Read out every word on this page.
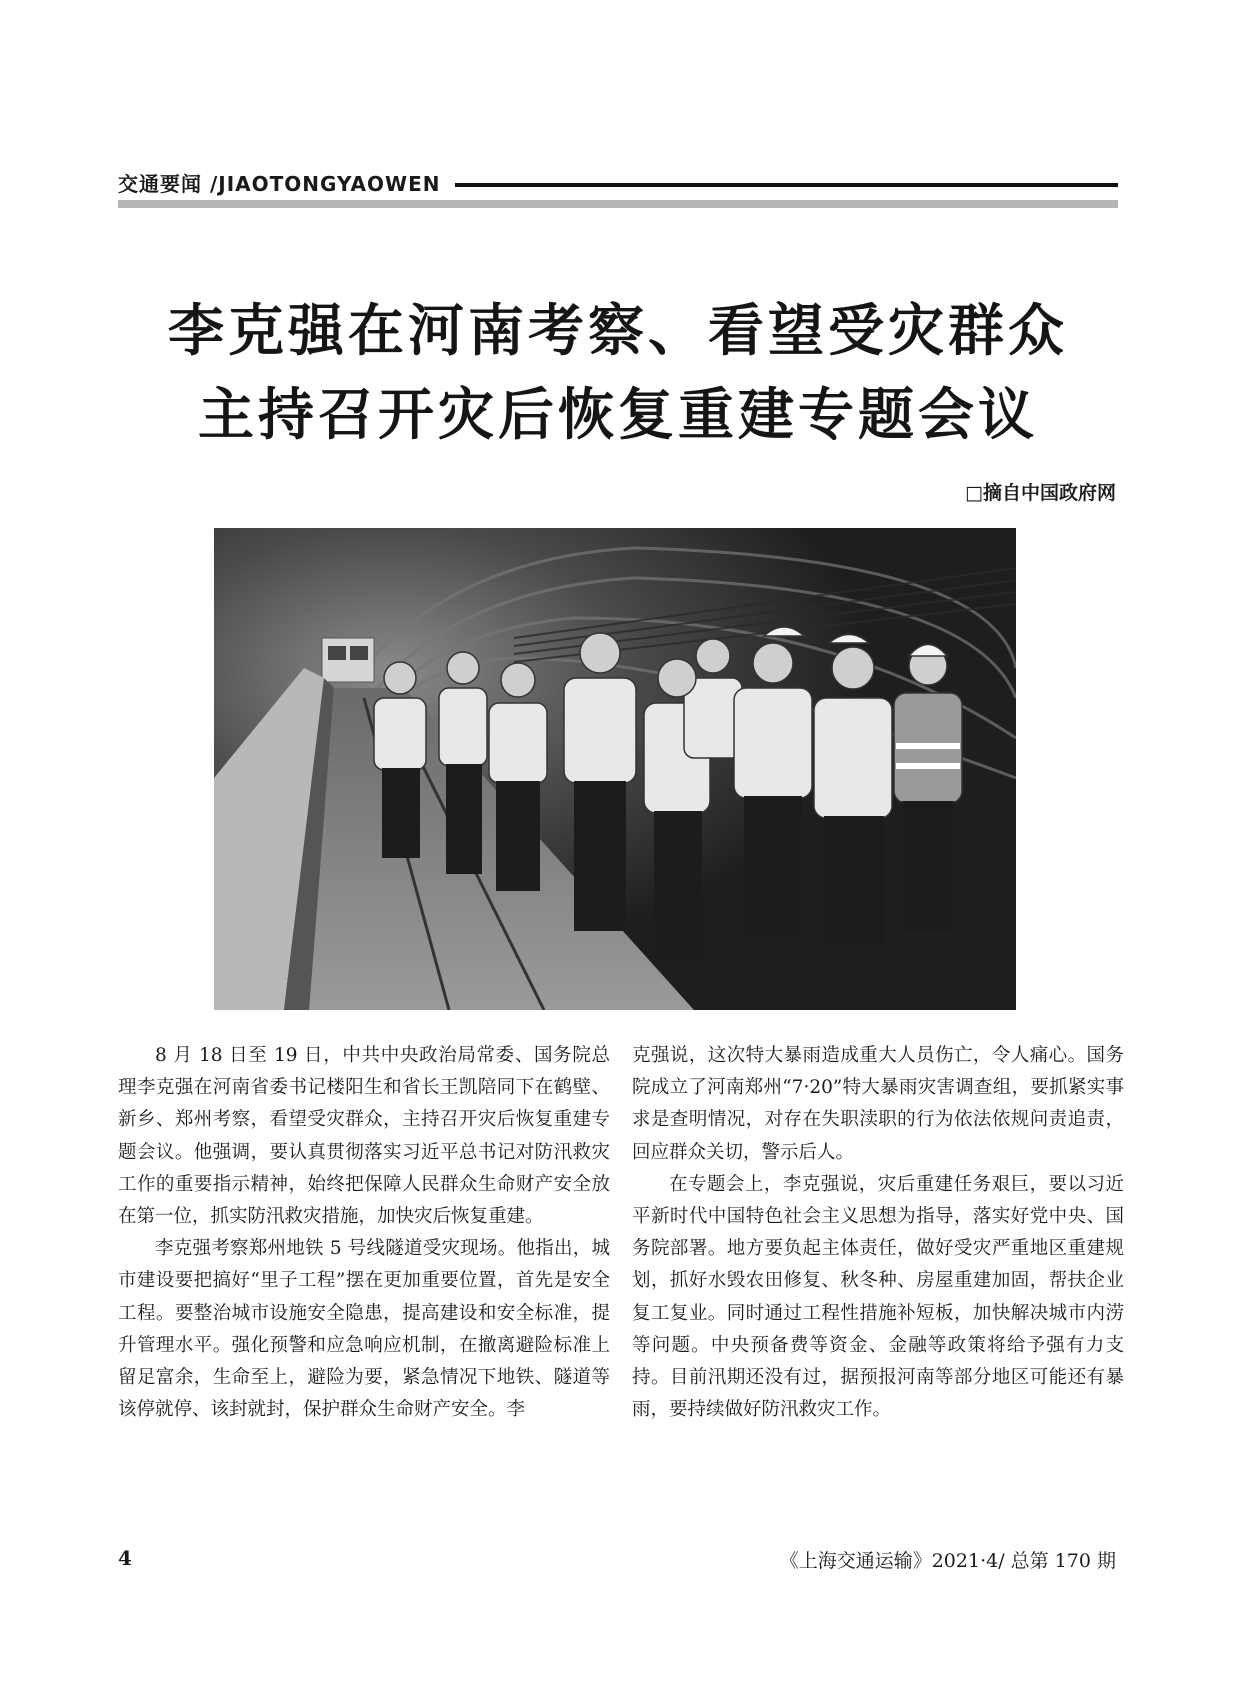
交通要闻 /JIAOTONGYAOWEN
李克强在河南考察、看望受灾群众
主持召开灾后恢复重建专题会议
□摘自中国政府网

8 月 18 日至 19 日，中共中央政治局常委、国务院总理李克强在河南省委书记楼阳生和省长王凯陪同下在鹤壁、新乡、郑州考察，看望受灾群众，主持召开灾后恢复重建专题会议。他强调，要认真贯彻落实习近平总书记对防汛救灾工作的重要指示精神，始终把保障人民群众生命财产安全放在第一位，抓实防汛救灾措施，加快灾后恢复重建。

李克强考察郑州地铁 5 号线隧道受灾现场。他指出，城市建设要把搞好“里子工程”摆在更加重要位置，首先是安全工程。要整治城市设施安全隐患，提高建设和安全标准，提升管理水平。强化预警和应急响应机制，在撤离避险标准上留足富余，生命至上，避险为要，紧急情况下地铁、隧道等该停就停、该封就封，保护群众生命财产安全。李

克强说，这次特大暴雨造成重大人员伤亡，令人痛心。国务院成立了河南郑州“7·20”特大暴雨灾害调查组，要抓紧实事求是查明情况，对存在失职渎职的行为依法依规问责追责，回应群众关切，警示后人。

在专题会上，李克强说，灾后重建任务艰巨，要以习近平新时代中国特色社会主义思想为指导，落实好党中央、国务院部署。地方要负起主体责任，做好受灾严重地区重建规划，抓好水毁农田修复、秋冬种、房屋重建加固，帮扶企业复工复业。同时通过工程性措施补短板，加快解决城市内涝等问题。中央预备费等资金、金融等政策将给予强有力支持。目前汛期还没有过，据预报河南等部分地区可能还有暴雨，要持续做好防汛救灾工作。

4	《上海交通运输》2021·4/ 总第 170 期
